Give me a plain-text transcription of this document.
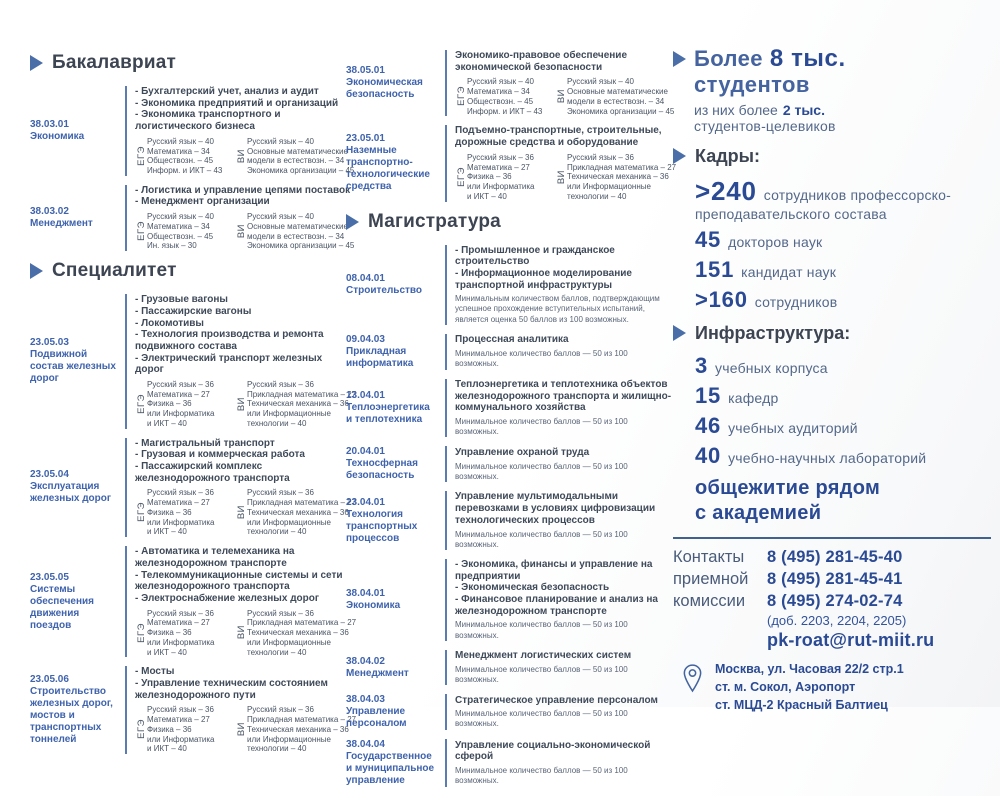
Бакалавриат
38.03.01
Экономика
- Бухгалтерский учет, анализ и аудит
- Экономика предприятий и организаций
- Экономика транспортного и логистического бизнеса
ЕГЭ
Русский язык – 40
Математика – 34
Обществозн. – 45
Информ. и ИКТ – 43
ВИ
Русский язык – 40
Основные математические
модели в естествозн. – 34
Экономика организации – 45
38.03.02
Менеджмент
- Логистика и управление цепями поставок
- Менеджмент организации
ЕГЭ
Русский язык – 40
Математика – 34
Обществозн. – 45
Ин. язык – 30
ВИ
Русский язык – 40
Основные математические
модели в естествозн. – 34
Экономика организации – 45
Специалитет
23.05.03
Подвижной состав железных дорог
- Грузовые вагоны
- Пассажирские вагоны
- Локомотивы
- Технология производства и ремонта подвижного состава
- Электрический транспорт железных дорог
ЕГЭ
Русский язык – 36
Математика – 27
Физика – 36
или Информатика
и ИКТ – 40
ВИ
Русский язык – 36
Прикладная математика – 27
Техническая механика – 36
или Информационные
технологии – 40
23.05.04
Эксплуатация железных дорог
- Магистральный транспорт
- Грузовая и коммерческая работа
- Пассажирский комплекс железнодорожного транспорта
ЕГЭ
Русский язык – 36
Математика – 27
Физика – 36
или Информатика
и ИКТ – 40
ВИ
Русский язык – 36
Прикладная математика – 27
Техническая механика – 36
или Информационные
технологии – 40
23.05.05
Системы обеспечения движения поездов
- Автоматика и телемеханика на железнодорожном транспорте
- Телекоммуникационные системы и сети железнодорожного транспорта
- Электроснабжение железных дорог
ЕГЭ
Русский язык – 36
Математика – 27
Физика – 36
или Информатика
и ИКТ – 40
ВИ
Русский язык – 36
Прикладная математика – 27
Техническая механика – 36
или Информационные
технологии – 40
23.05.06
Строительство железных дорог, мостов и транспортных тоннелей
- Мосты
- Управление техническим состоянием железнодорожного пути
ЕГЭ
Русский язык – 36
Математика – 27
Физика – 36
или Информатика
и ИКТ – 40
ВИ
Русский язык – 36
Прикладная математика – 27
Техническая механика – 36
или Информационные
технологии – 40
38.05.01
Экономическая безопасность
Экономико-правовое обеспечение экономической безопасности
ЕГЭ
Русский язык – 40
Математика – 34
Обществозн. – 45
Информ. и ИКТ – 43
ВИ
Русский язык – 40
Основные математические
модели в естествозн. – 34
Экономика организации – 45
23.05.01
Наземные транспортно-технологические средства
Подъемно-транспортные, строительные, дорожные средства и оборудование
ЕГЭ
Русский язык – 36
Математика – 27
Физика – 36
или Информатика
и ИКТ – 40
ВИ
Русский язык – 36
Прикладная математика – 27
Техническая механика – 36
или Информационные
технологии – 40
Магистратура
08.04.01
Строительство
- Промышленное и гражданское строительство
- Информационное моделирование транспортной инфраструктуры
Минимальным количеством баллов, подтверждающим успешное прохождение вступительных испытаний, является оценка 50 баллов из 100 возможных.
09.04.03
Прикладная информатика
Процессная аналитика
Минимальное количество баллов — 50 из 100 возможных.
13.04.01
Теплоэнергетика и теплотехника
Теплоэнергетика и теплотехника объектов железнодорожного транспорта и жилищно-коммунального хозяйства
Минимальное количество баллов — 50 из 100 возможных.
20.04.01
Техносферная безопасность
Управление охраной труда
Минимальное количество баллов — 50 из 100 возможных.
23.04.01
Технология транспортных процессов
Управление мультимодальными перевозками в условиях цифровизации технологических процессов
Минимальное количество баллов — 50 из 100 возможных.
38.04.01
Экономика
- Экономика, финансы и управление на предприятии
- Экономическая безопасность
- Финансовое планирование и анализ на железнодорожном транспорте
Минимальное количество баллов — 50 из 100 возможных.
38.04.02
Менеджмент
Менеджмент логистических систем
Минимальное количество баллов — 50 из 100 возможных.
38.04.03
Управление персоналом
Стратегическое управление персоналом
Минимальное количество баллов — 50 из 100 возможных.
38.04.04
Государственное и муниципальное управление
Управление социально-экономической сферой
Минимальное количество баллов — 50 из 100 возможных.
Более 8 тыс.
студентов
из них более 2 тыс.
студентов-целевиков
Кадры:
>240 сотрудников профессорско-преподавательского состава
45 докторов наук
151 кандидат наук
>160 сотрудников
Инфраструктура:
3 учебных корпуса
15 кафедр
46 учебных аудиторий
40 учебно-научных лабораторий
общежитие рядом
с академией
Контакты
приемной
комиссии
8 (495) 281-45-40
8 (495) 281-45-41
8 (495) 274-02-74
(доб. 2203, 2204, 2205)
pk-roat@rut-miit.ru
Москва, ул. Часовая 22/2 стр.1
ст. м. Сокол, Аэропорт
ст. МЦД-2 Красный Балтиец
